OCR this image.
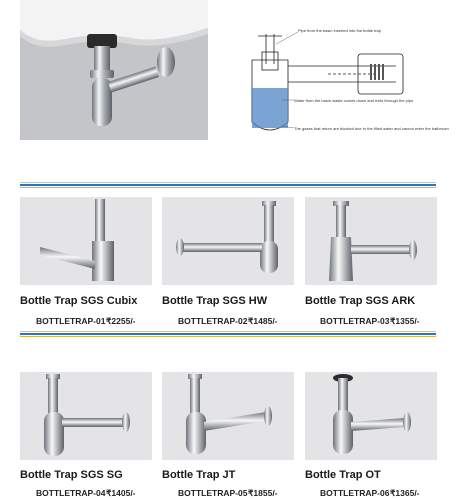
Pipe from the basin inserted into the bottle trap
Water from the basin waste comes down and exits through the pipe
The gases that return are blocked due to the filled water and cannot enter the bathroom
Bottle Trap SGS Cubix Bottle Trap SGS HW	Bottle Trap SGS ARK
BOTTLETRAP-01 ₹2255/-	BOTTLETRAP-02 ₹1485/-	BOTTLETRAP-03 ₹1355/-
Bottle Trap SGS SG	Bottle Trap JT	Bottle Trap OT
BOTTLETRAP-04 ₹1405/-	BOTTLETRAP-05 ₹1855/-	BOTTLETRAP-06 ₹1365/-
